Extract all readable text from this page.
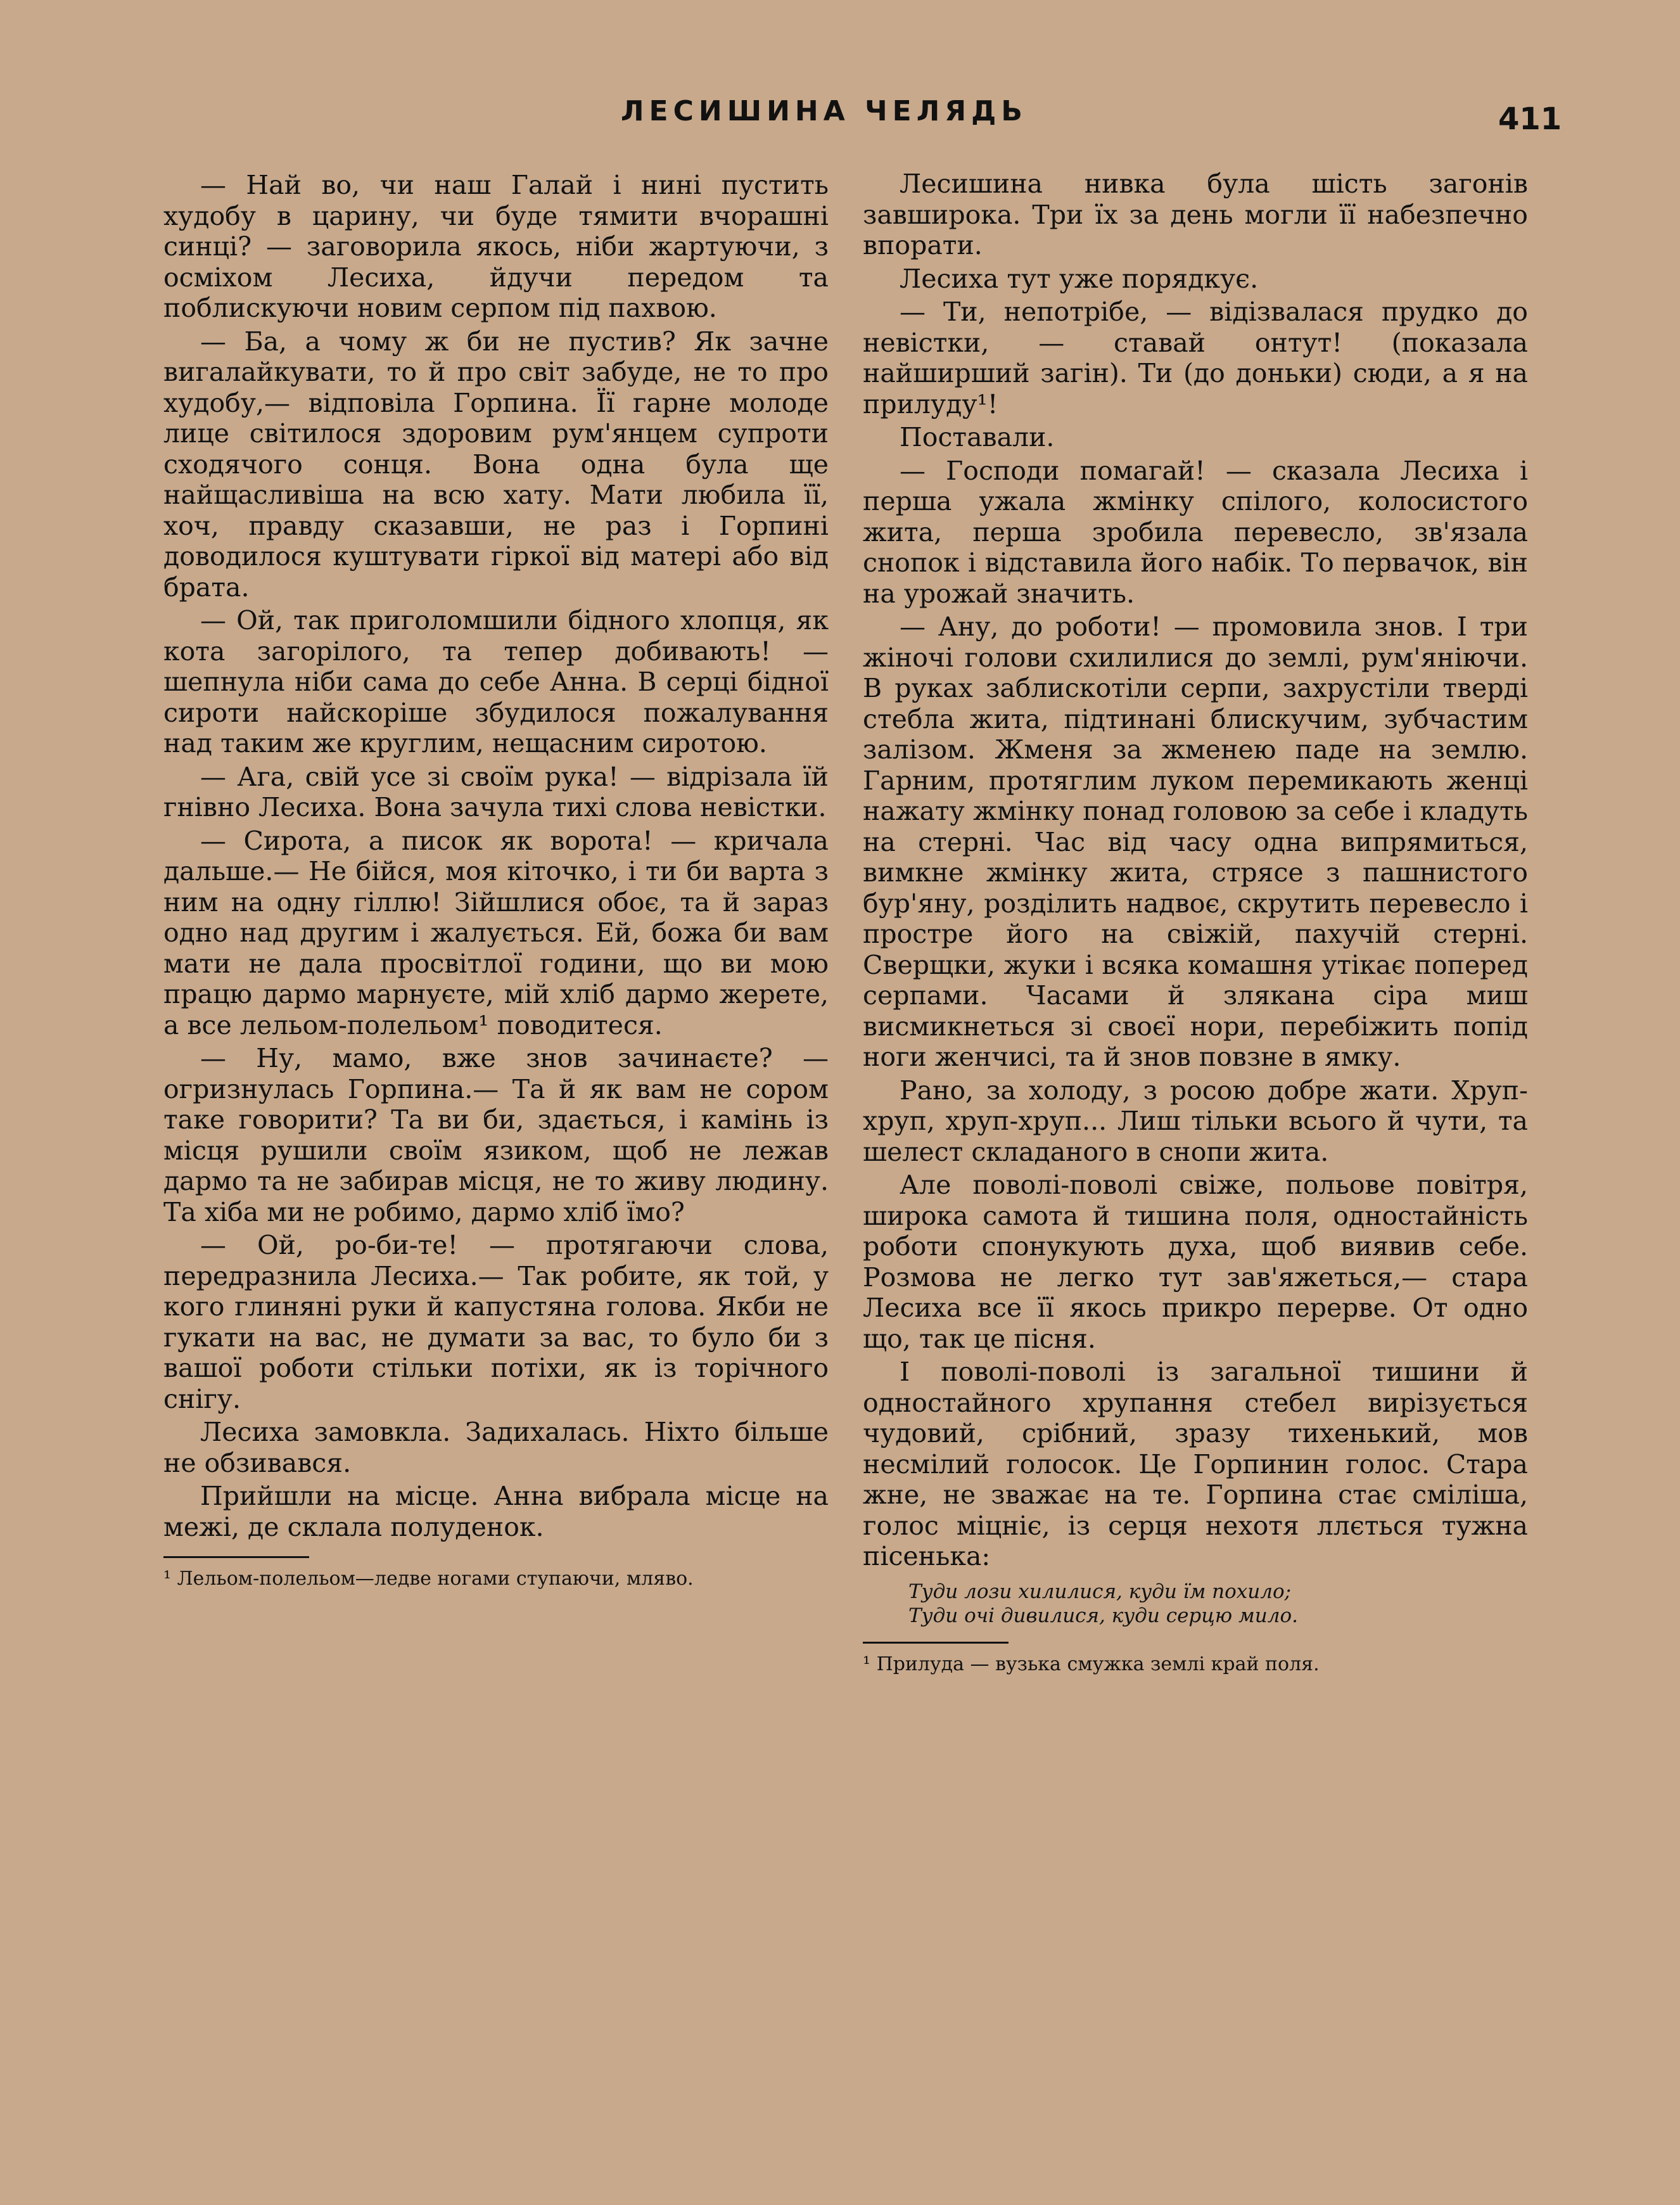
ЛЕСИШИНА ЧЕЛЯДЬ	411

— Най во, чи наш Галай і нині пустить худобу в царину, чи буде тямити вчорашні синці? — заговорила якось, ніби жартуючи, з осміхом Лесиха, йдучи передом та поблискуючи новим серпом під пахвою.

— Ба, а чому ж би не пустив? Як зачне вигалайкувати, то й про світ забуде, не то про худобу,— відповіла Горпина. Її гарне молоде лице світилося здоровим рум'янцем супроти сходячого сонця. Вона одна була ще найщасливіша на всю хату. Мати любила її, хоч, правду сказавши, не раз і Горпині доводилося куштувати гіркої від матері або від брата.

— Ой, так приголомшили бідного хлопця, як кота загорілого, та тепер добивають! — шепнула ніби сама до себе Анна. В серці бідної сироти найскоріше збудилося пожалування над таким же круглим, нещасним сиротою.

— Ага, свій усе зі своїм рука! — відрізала їй гнівно Лесиха. Вона зачула тихі слова невістки.

— Сирота, а писок як ворота! — кричала дальше.— Не бійся, моя кіточко, і ти би варта з ним на одну гіллю! Зійшлися обоє, та й зараз одно над другим і жалується. Ей, божа би вам мати не дала просвітлої години, що ви мою працю дармо марнуєте, мій хліб дармо жерете, а все лельом-полельом¹ поводитеся.

— Ну, мамо, вже знов зачинаєте? — огризнулась Горпина.— Та й як вам не сором таке говорити? Та ви би, здається, і камінь із місця рушили своїм язиком, щоб не лежав дармо та не забирав місця, не то живу людину. Та хіба ми не робимо, дармо хліб їмо?

— Ой, ро-би-те! — протягаючи слова, передразнила Лесиха.— Так робите, як той, у кого глиняні руки й капустяна голова. Якби не гукати на вас, не думати за вас, то було би з вашої роботи стільки потіхи, як із торічного снігу.

Лесиха замовкла. Задихалась. Ніхто більше не обзивався.

Прийшли на місце. Анна вибрала місце на межі, де склала полуденок.

¹ Лельом-полельом—ледве ногами ступаючи, мляво.

Лесишина нивка була шість загонів завширока. Три їх за день могли її набезпечно впорати.

Лесиха тут уже порядкує.

— Ти, непотрібе, — відізвалася прудко до невістки, — ставай онтут! (показала найширший загін). Ти (до доньки) сюди, а я на прилуду¹!

Поставали.

— Господи помагай! — сказала Лесиха і перша ужала жмінку спілого, колосистого жита, перша зробила перевесло, зв'язала снопок і відставила його набік. То первачок, він на урожай значить.

— Ану, до роботи! — промовила знов. І три жіночі голови схилилися до землі, рум'яніючи. В руках заблискотіли серпи, захрустіли тверді стебла жита, підтинані блискучим, зубчастим залізом. Жменя за жменею паде на землю. Гарним, протяглим луком перемикають женці нажату жмінку понад головою за себе і кладуть на стерні. Час від часу одна випрямиться, вимкне жмінку жита, стрясе з пашнистого бур'яну, розділить надвоє, скрутить перевесло і простре його на свіжій, пахучій стерні. Сверщки, жуки і всяка комашня утікає поперед серпами. Часами й злякана сіра миш висмикнеться зі своєї нори, перебіжить попід ноги женчисі, та й знов повзне в ямку.

Рано, за холоду, з росою добре жати. Хруп-хруп, хруп-хруп... Лиш тільки всього й чути, та шелест складаного в снопи жита.

Але поволі-поволі свіже, польове повітря, широка самота й тишина поля, одностайність роботи спонукують духа, щоб виявив себе. Розмова не легко тут зав'яжеться,— стара Лесиха все її якось прикро перерве. От одно що, так це пісня.

І поволі-поволі із загальної тишини й одностайного хрупання стебел вирізується чудовий, срібний, зразу тихенький, мов несмілий голосок. Це Горпинин голос. Стара жне, не зважає на те. Горпина стає сміліша, голос міцніє, із серця нехотя ллється тужна пісенька:

Туди лози хилилися, куди їм похило;
Туди очі дивилися, куди серцю мило.
¹ Прилуда — вузька смужка землі край поля.
